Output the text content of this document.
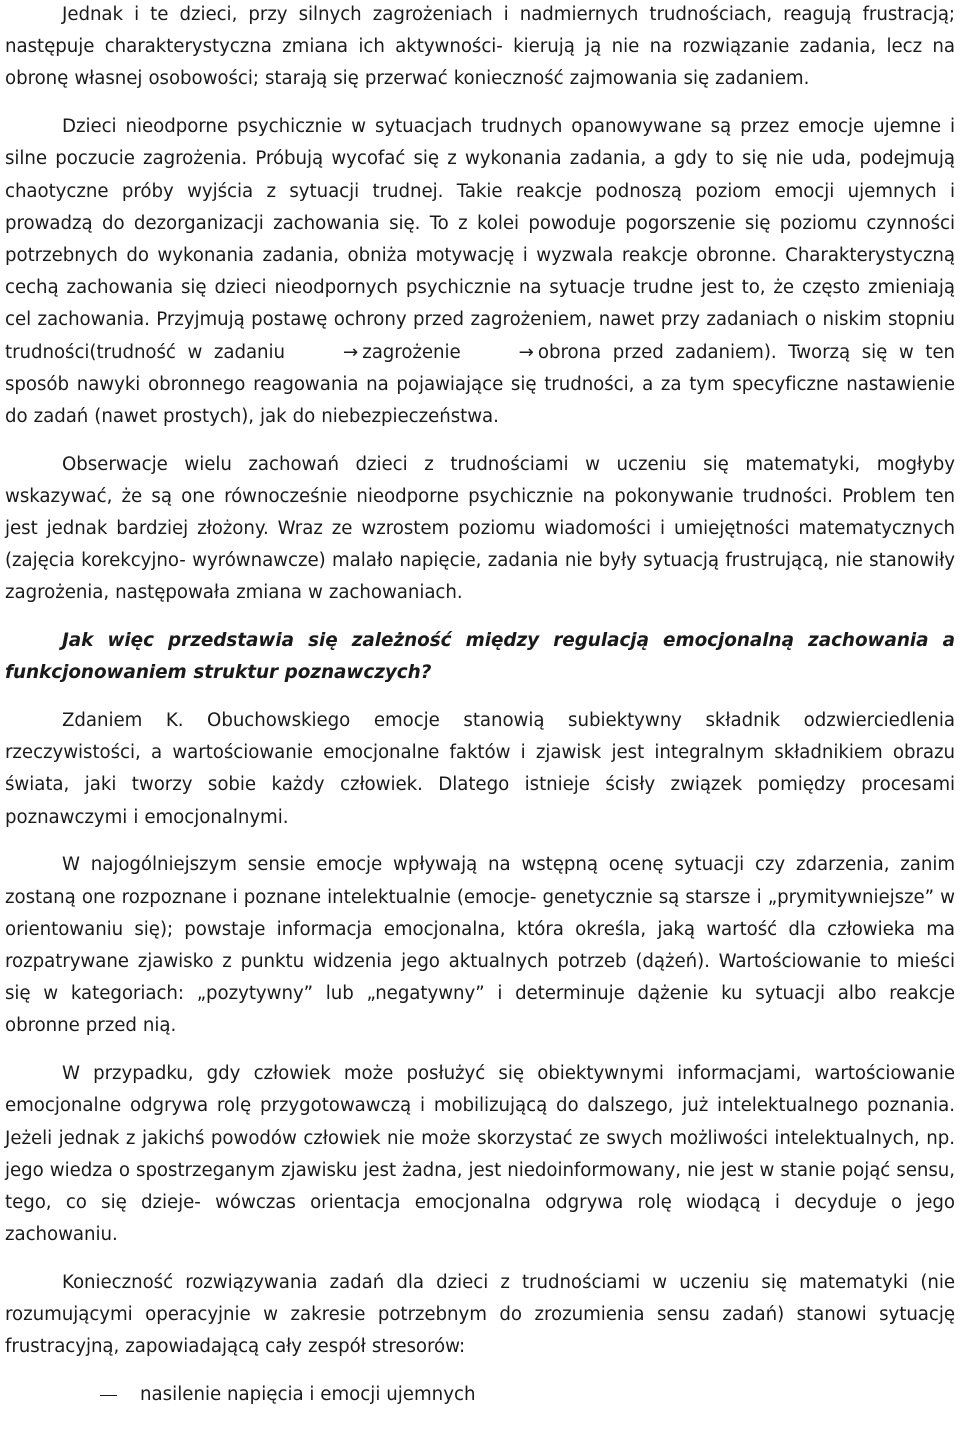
Jednak i te dzieci, przy silnych zagrożeniach i nadmiernych trudnościach, reagują frustracją; następuje charakterystyczna zmiana ich aktywności- kierują ją nie na rozwiązanie zadania, lecz na obronę własnej osobowości; starają się przerwać konieczność zajmowania się zadaniem.

Dzieci nieodporne psychicznie w sytuacjach trudnych opanowywane są przez emocje ujemne i silne poczucie zagrożenia. Próbują wycofać się z wykonania zadania, a gdy to się nie uda, podejmują chaotyczne próby wyjścia z sytuacji trudnej. Takie reakcje podnoszą poziom emocji ujemnych i prowadzą do dezorganizacji zachowania się. To z kolei powoduje pogorszenie się poziomu czynności potrzebnych do wykonania zadania, obniża motywację i wyzwala reakcje obronne. Charakterystyczną cechą zachowania się dzieci nieodpornych psychicznie na sytuacje trudne jest to, że często zmieniają cel zachowania. Przyjmują postawę ochrony przed zagrożeniem, nawet przy zadaniach o niskim stopniu trudności(trudność w zadaniu	→ zagrożenie	→ obrona przed zadaniem). Tworzą się w ten sposób nawyki obronnego reagowania na pojawiające się trudności, a za tym specyficzne nastawienie do zadań (nawet prostych), jak do niebezpieczeństwa.

Obserwacje wielu zachowań dzieci z trudnościami w uczeniu się matematyki, mogłyby wskazywać, że są one równocześnie nieodporne psychicznie na pokonywanie trudności. Problem ten jest jednak bardziej złożony. Wraz ze wzrostem poziomu wiadomości i umiejętności matematycznych (zajęcia korekcyjno- wyrównawcze) malało napięcie, zadania nie były sytuacją frustrującą, nie stanowiły zagrożenia, następowała zmiana w zachowaniach.

Jak więc przedstawia się zależność między regulacją emocjonalną zachowania a funkcjonowaniem struktur poznawczych?

Zdaniem K. Obuchowskiego emocje stanowią subiektywny składnik odzwierciedlenia rzeczywistości, a wartościowanie emocjonalne faktów i zjawisk jest integralnym składnikiem obrazu świata, jaki tworzy sobie każdy człowiek. Dlatego istnieje ścisły związek pomiędzy procesami poznawczymi i emocjonalnymi.

W najogólniejszym sensie emocje wpływają na wstępną ocenę sytuacji czy zdarzenia, zanim zostaną one rozpoznane i poznane intelektualnie (emocje- genetycznie są starsze i „prymitywniejsze” w orientowaniu się); powstaje informacja emocjonalna, która określa, jaką wartość dla człowieka ma rozpatrywane zjawisko z punktu widzenia jego aktualnych potrzeb (dążeń). Wartościowanie to mieści się w kategoriach: „pozytywny” lub „negatywny” i determinuje dążenie ku sytuacji albo reakcje obronne przed nią.

W przypadku, gdy człowiek może posłużyć się obiektywnymi informacjami, wartościowanie emocjonalne odgrywa rolę przygotowawczą i mobilizującą do dalszego, już intelektualnego poznania. Jeżeli jednak z jakichś powodów człowiek nie może skorzystać ze swych możliwości intelektualnych, np. jego wiedza o spostrzeganym zjawisku jest żadna, jest niedoinformowany, nie jest w stanie pojąć sensu, tego, co się dzieje- wówczas orientacja emocjonalna odgrywa rolę wiodącą i decyduje o jego zachowaniu.

Konieczność rozwiązywania zadań dla dzieci z trudnościami w uczeniu się matematyki (nie rozumującymi operacyjnie w zakresie potrzebnym do zrozumienia sensu zadań) stanowi sytuację frustracyjną, zapowiadającą cały zespół stresorów:

nasilenie napięcia i emocji ujemnych
